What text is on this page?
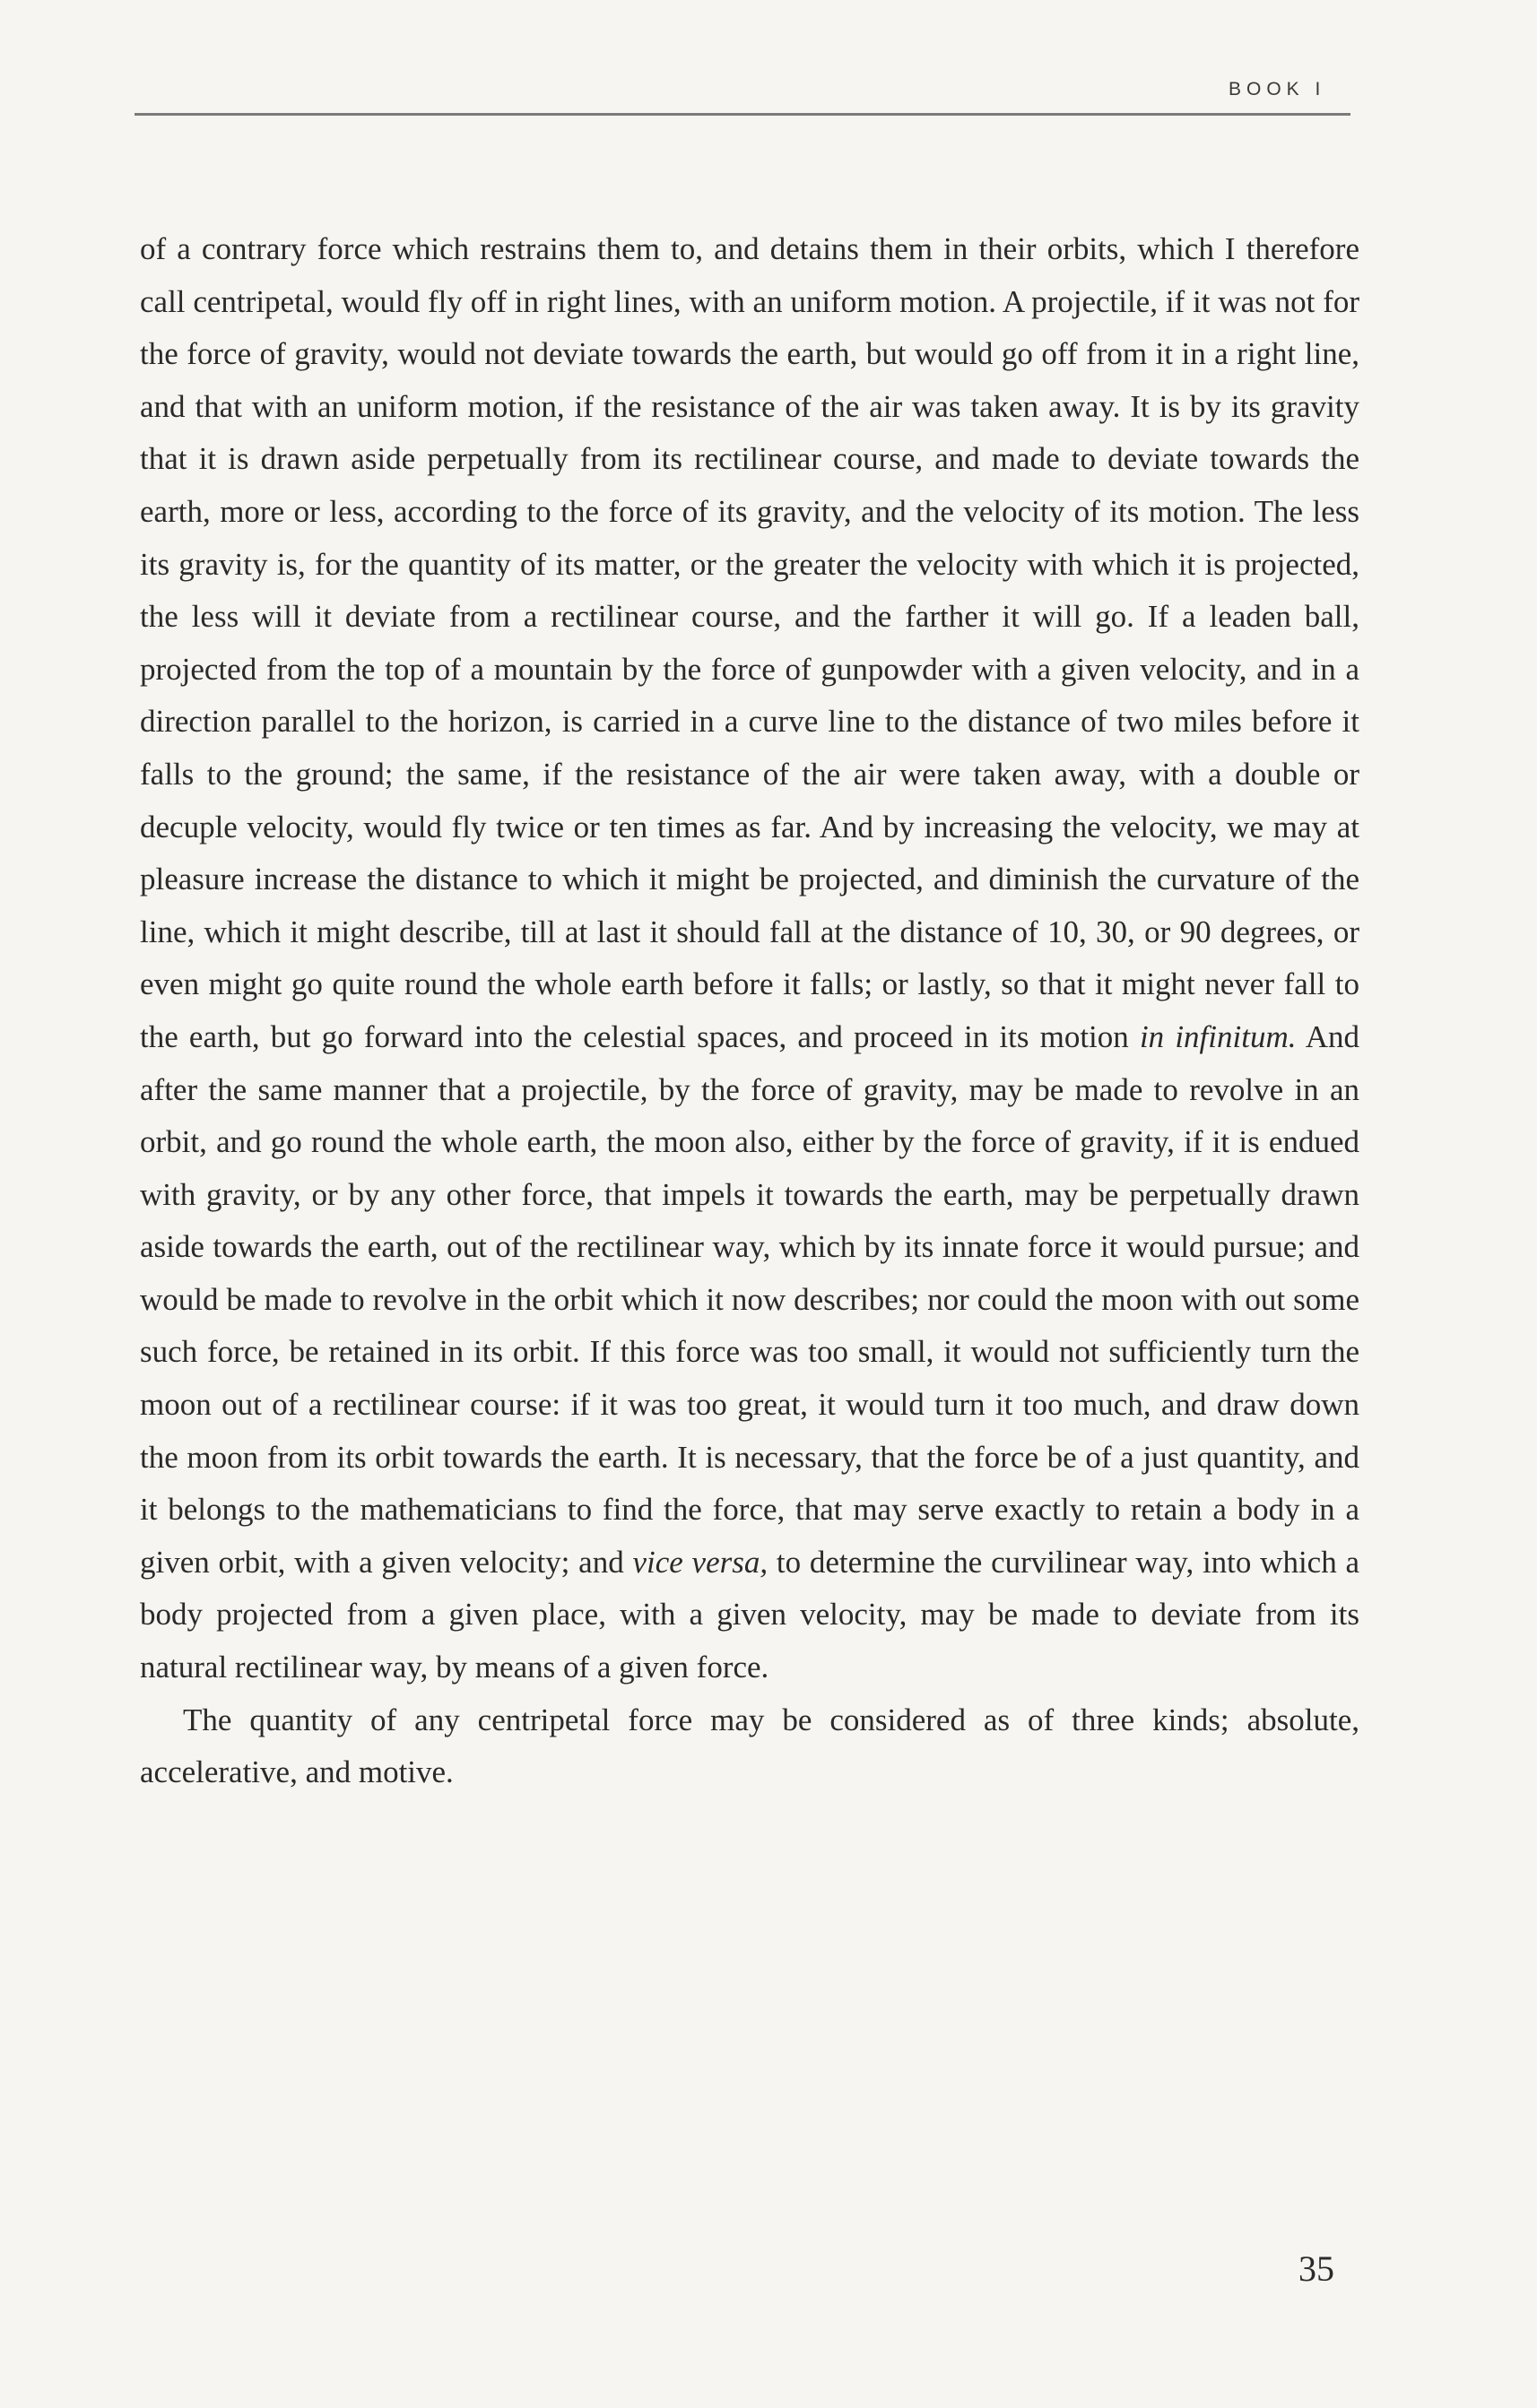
BOOK I

of a contrary force which restrains them to, and detains them in their orbits, which I therefore call centripetal, would fly off in right lines, with an uniform motion. A projectile, if it was not for the force of gravity, would not deviate towards the earth, but would go off from it in a right line, and that with an uniform motion, if the resistance of the air was taken away. It is by its gravity that it is drawn aside perpetually from its rectilinear course, and made to deviate towards the earth, more or less, according to the force of its gravity, and the velocity of its motion. The less its gravity is, for the quantity of its matter, or the greater the velocity with which it is projected, the less will it deviate from a rectilinear course, and the farther it will go. If a leaden ball, projected from the top of a mountain by the force of gunpowder with a given velocity, and in a direction parallel to the horizon, is carried in a curve line to the distance of two miles before it falls to the ground; the same, if the resistance of the air were taken away, with a double or decuple velocity, would fly twice or ten times as far. And by increasing the velocity, we may at pleasure increase the distance to which it might be projected, and diminish the curvature of the line, which it might describe, till at last it should fall at the distance of 10, 30, or 90 degrees, or even might go quite round the whole earth before it falls; or lastly, so that it might never fall to the earth, but go forward into the celestial spaces, and proceed in its motion in infinitum. And after the same manner that a projectile, by the force of gravity, may be made to revolve in an orbit, and go round the whole earth, the moon also, either by the force of gravity, if it is endued with gravity, or by any other force, that impels it towards the earth, may be perpetually drawn aside towards the earth, out of the rectilinear way, which by its innate force it would pursue; and would be made to revolve in the orbit which it now describes; nor could the moon with out some such force, be retained in its orbit. If this force was too small, it would not sufficiently turn the moon out of a rectilinear course: if it was too great, it would turn it too much, and draw down the moon from its orbit towards the earth. It is necessary, that the force be of a just quantity, and it belongs to the mathematicians to find the force, that may serve exactly to retain a body in a given orbit, with a given velocity; and vice versa, to determine the curvilinear way, into which a body projected from a given place, with a given velocity, may be made to deviate from its natural rectilinear way, by means of a given force.

The quantity of any centripetal force may be considered as of three kinds; absolute, accelerative, and motive.

35
